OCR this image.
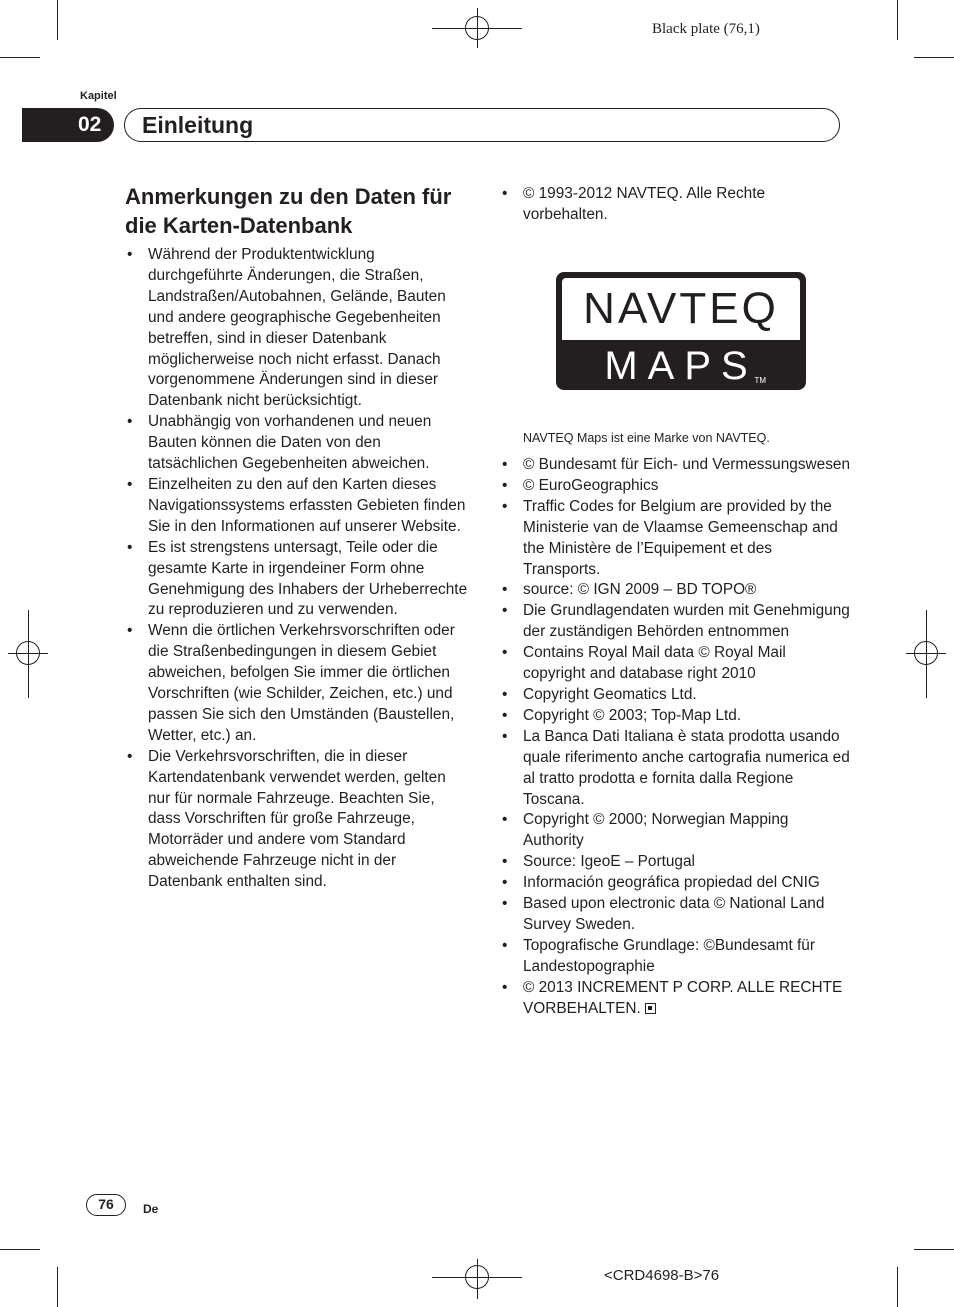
Black plate (76,1)
Kapitel
02 Einleitung
Anmerkungen zu den Daten für die Karten-Datenbank
• Während der Produktentwicklung durchgeführte Änderungen, die Straßen, Landstraßen/Autobahnen, Gelände, Bauten und andere geographische Gegebenheiten betreffen, sind in dieser Datenbank möglicherweise noch nicht erfasst. Danach vorgenommene Änderungen sind in dieser Datenbank nicht berücksichtigt.
• Unabhängig von vorhandenen und neuen Bauten können die Daten von den tatsächlichen Gegebenheiten abweichen.
• Einzelheiten zu den auf den Karten dieses Navigationssystems erfassten Gebieten finden Sie in den Informationen auf unserer Website.
• Es ist strengstens untersagt, Teile oder die gesamte Karte in irgendeiner Form ohne Genehmigung des Inhabers der Urheberrechte zu reproduzieren und zu verwenden.
• Wenn die örtlichen Verkehrsvorschriften oder die Straßenbedingungen in diesem Gebiet abweichen, befolgen Sie immer die örtlichen Vorschriften (wie Schilder, Zeichen, etc.) und passen Sie sich den Umständen (Baustellen, Wetter, etc.) an.
• Die Verkehrsvorschriften, die in dieser Kartendatenbank verwendet werden, gelten nur für normale Fahrzeuge. Beachten Sie, dass Vorschriften für große Fahrzeuge, Motorräder und andere vom Standard abweichende Fahrzeuge nicht in der Datenbank enthalten sind.
• © 1993-2012 NAVTEQ. Alle Rechte vorbehalten.
NAVTEQ
MAPS
TM
NAVTEQ Maps ist eine Marke von NAVTEQ.
• © Bundesamt für Eich- und Vermessungswesen
• © EuroGeographics
• Traffic Codes for Belgium are provided by the Ministerie van de Vlaamse Gemeenschap and the Ministère de l’Equipement et des Transports.
• source: © IGN 2009 – BD TOPO®
• Die Grundlagendaten wurden mit Genehmigung der zuständigen Behörden entnommen
• Contains Royal Mail data © Royal Mail copyright and database right 2010
• Copyright Geomatics Ltd.
• Copyright © 2003; Top-Map Ltd.
• La Banca Dati Italiana è stata prodotta usando quale riferimento anche cartografia numerica ed al tratto prodotta e fornita dalla Regione Toscana.
• Copyright © 2000; Norwegian Mapping Authority
• Source: IgeoE – Portugal
• Información geográfica propiedad del CNIG
• Based upon electronic data © National Land Survey Sweden.
• Topografische Grundlage: ©Bundesamt für Landestopographie
• © 2013 INCREMENT P CORP. ALLE RECHTE VORBEHALTEN.
76	De
<CRD4698-B>76
